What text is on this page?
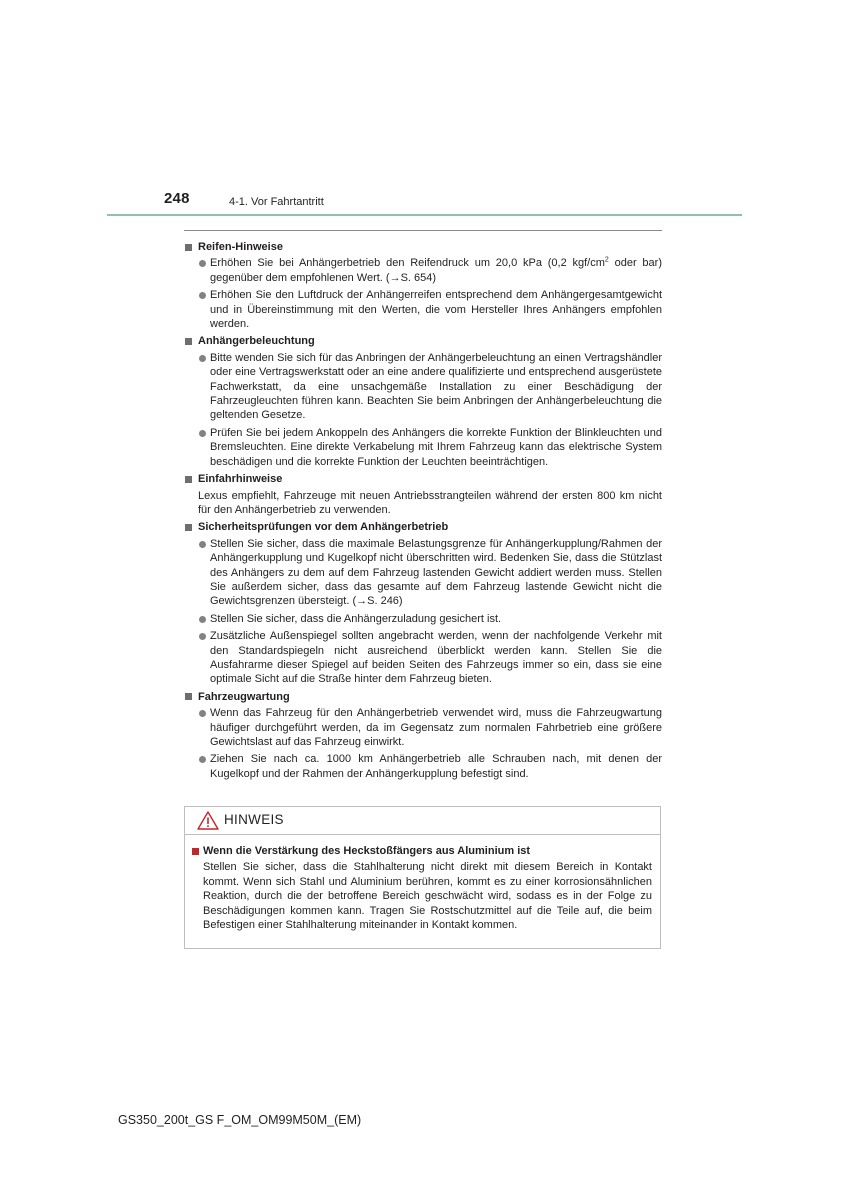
248	4-1. Vor Fahrtantritt
Reifen-Hinweise
Erhöhen Sie bei Anhängerbetrieb den Reifendruck um 20,0 kPa (0,2 kgf/$cm^2$ oder bar) gegenüber dem empfohlenen Wert. (→S. 654)
Erhöhen Sie den Luftdruck der Anhängerreifen entsprechend dem Anhängergesamtgewicht und in Übereinstimmung mit den Werten, die vom Hersteller Ihres Anhängers empfohlen werden.
Anhängerbeleuchtung
Bitte wenden Sie sich für das Anbringen der Anhängerbeleuchtung an einen Vertragshändler oder eine Vertragswerkstatt oder an eine andere qualifizierte und entsprechend ausgerüstete Fachwerkstatt, da eine unsachgemäße Installation zu einer Beschädigung der Fahrzeugleuchten führen kann. Beachten Sie beim Anbringen der Anhängerbeleuchtung die geltenden Gesetze.
Prüfen Sie bei jedem Ankoppeln des Anhängers die korrekte Funktion der Blinkleuchten und Bremsleuchten. Eine direkte Verkabelung mit Ihrem Fahrzeug kann das elektrische System beschädigen und die korrekte Funktion der Leuchten beeinträchtigen.
Einfahrhinweise
Lexus empfiehlt, Fahrzeuge mit neuen Antriebsstrangteilen während der ersten 800 km nicht für den Anhängerbetrieb zu verwenden.
Sicherheitsprüfungen vor dem Anhängerbetrieb
Stellen Sie sicher, dass die maximale Belastungsgrenze für Anhängerkupplung/Rahmen der Anhängerkupplung und Kugelkopf nicht überschritten wird. Bedenken Sie, dass die Stützlast des Anhängers zu dem auf dem Fahrzeug lastenden Gewicht addiert werden muss. Stellen Sie außerdem sicher, dass das gesamte auf dem Fahrzeug lastende Gewicht nicht die Gewichtsgrenzen übersteigt. (→S. 246)
Stellen Sie sicher, dass die Anhängerzuladung gesichert ist.
Zusätzliche Außenspiegel sollten angebracht werden, wenn der nachfolgende Verkehr mit den Standardspiegeln nicht ausreichend überblickt werden kann. Stellen Sie die Ausfahrarme dieser Spiegel auf beiden Seiten des Fahrzeugs immer so ein, dass sie eine optimale Sicht auf die Straße hinter dem Fahrzeug bieten.
Fahrzeugwartung
Wenn das Fahrzeug für den Anhängerbetrieb verwendet wird, muss die Fahrzeugwartung häufiger durchgeführt werden, da im Gegensatz zum normalen Fahrbetrieb eine größere Gewichtslast auf das Fahrzeug einwirkt.
Ziehen Sie nach ca. 1000 km Anhängerbetrieb alle Schrauben nach, mit denen der Kugelkopf und der Rahmen der Anhängerkupplung befestigt sind.
HINWEIS
Wenn die Verstärkung des Heckstoßfängers aus Aluminium ist
Stellen Sie sicher, dass die Stahlhalterung nicht direkt mit diesem Bereich in Kontakt kommt. Wenn sich Stahl und Aluminium berühren, kommt es zu einer korrosionsähnlichen Reaktion, durch die der betroffene Bereich geschwächt wird, sodass es in der Folge zu Beschädigungen kommen kann. Tragen Sie Rostschutzmittel auf die Teile auf, die beim Befestigen einer Stahlhalterung miteinander in Kontakt kommen.
GS350_200t_GS F_OM_OM99M50M_(EM)
